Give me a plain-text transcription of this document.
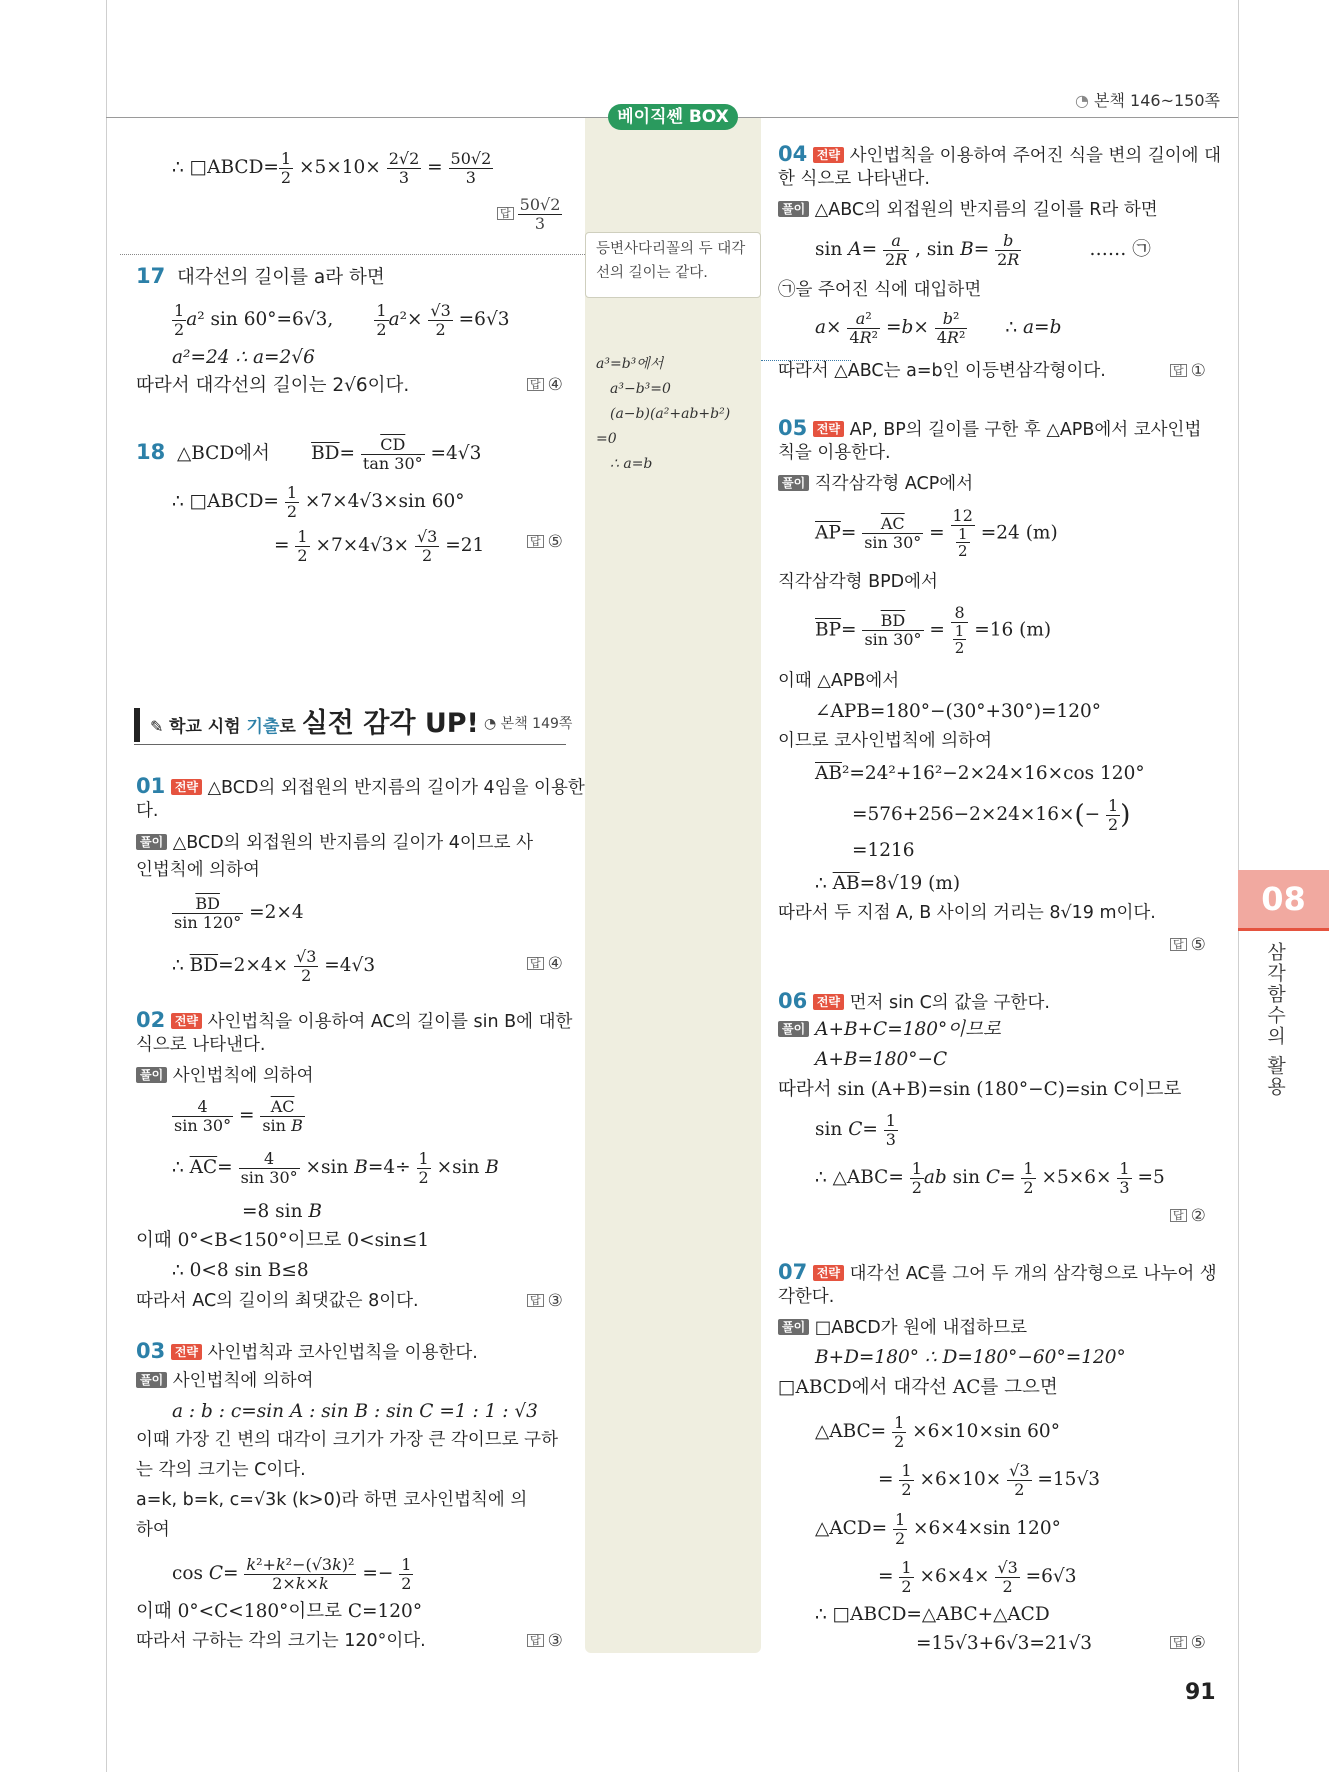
◔ 본책 146~150쪽
베이직쎈 BOX
등변사다리꼴의 두 대각선의 길이는 같다.
a³=b³에서
a³−b³=0
(a−b)(a²+ab+b²)
=0
∴ a=b
∴ □ABCD= $\frac{1}{2} \times 5\times 10\times \frac{2√2}{3} = \frac{50√2}{3}$
답 $\frac{50√2}{3}$
17 대각선의 길이를 a라 하면
$\frac{1}{2} a^2$ sin 60°=6√3, $\frac{1}{2} a^2\times \frac{√3}{2} =6√3$
a²=24 ∴ a=2√6
따라서 대각선의 길이는 2√6이다.	답 ④
18 △BCD에서 $\overline{BD}= \frac{\overline{CD}}{\tan 30^\circ} =4√3$
∴ □ABCD= $\frac{1}{2} \times 7\times 4√3\times\sin$ 60°
= $\frac{1}{2} \times 7\times 4√3\times \frac{√3}{2} =21$	답 ⑤
✎ 학교 시험 기출로 실전 감각 UP! ◔ 본책 149쪽
01 전략 △BCD의 외접원의 반지름의 길이가 4임을 이용한
다.
풀이 △BCD의 외접원의 반지름의 길이가 4이므로 사
인법칙에 의하여
$\frac{\overline{BD}}{\sin 120^\circ} =2\times 4$
∴ $\overline{BD}=2\times 4\times \frac{√3}{2} =4√3$	답 ④
02 전략 사인법칙을 이용하여 AC의 길이를 sin B에 대한
식으로 나타낸다.
풀이 사인법칙에 의하여
$\frac{4}{\sin 30^\circ} = \frac{\overline{AC}}{\text{sin B}}$
∴ $\overline{AC}= \frac{4}{\sin 30^\circ} \times\sin$ $B=4\div \frac{1}{2} \times\sin$ B
=8 sin B
이때 0°<B<150°이므로 0<sin≤1
∴ 0<8 sin B≤8
따라서 AC의 길이의 최댓값은 8이다.	답 ③
03 전략 사인법칙과 코사인법칙을 이용한다.
풀이 사인법칙에 의하여
a : b : c=sin A : sin B : sin C =1 : 1 : √3
이때 가장 긴 변의 대각이 크기가 가장 큰 각이므로 구하
는 각의 크기는 C이다.
a=k, b=k, c=√3k (k>0)라 하면 코사인법칙에 의
하여
$\cos C= \frac{\text{k²+k²−(√3k)²}}{2\times k\times k} =- \frac{1}{2}$
이때 0°<C<180°이므로 C=120°
따라서 구하는 각의 크기는 120°이다.	답 ③
04 전략 사인법칙을 이용하여 주어진 식을 변의 길이에 대
한 식으로 나타낸다.
풀이 △ABC의 외접원의 반지름의 길이를 R라 하면
$\sin A= \frac{a}{2R}$ , $\sin B= \frac{b}{2R}$	…… ㉠
㉠을 주어진 식에 대입하면
$a\times \frac{\text{a²}}{\text{4R²}} =b\times \frac{\text{b²}}{\text{4R²}}$ ∴ a=b
따라서 △ABC는 a=b인 이등변삼각형이다.	답 ①
05 전략 AP, BP의 길이를 구한 후 △APB에서 코사인법
칙을 이용한다.
풀이 직각삼각형 ACP에서
$\overline{AP}= \frac{\overline{AC}}{\sin 30^\circ} = \frac{12}{\frac{1}{2}} =24$ (m)
직각삼각형 BPD에서
$\overline{BP}= \frac{\overline{BD}}{\sin 30^\circ} = \frac{8}{\frac{1}{2}} =16$ (m)
이때 △APB에서
∠APB=180°−(30°+30°)=120°
이므로 코사인법칙에 의하여
$\overline{AB}^2=24^2+16^2-2\times 24\times 16\times\cos$ 120°
$=576+256-2\times 24\times 16\times(- \frac{1}{2}$ )
=1216
∴ $\overline{AB}=8√19$ (m)
따라서 두 지점 A, B 사이의 거리는 8√19 m이다.
답 ⑤
06 전략 먼저 sin C의 값을 구한다.
풀이 A+B+C=180°이므로
A+B=180°−C
따라서 sin (A+B)=sin (180°−C)=sin C이므로
$\sin C= \frac{1}{3}$
∴ △ABC= $\frac{1}{2}$ ab $\sin C= \frac{1}{2} \times 5\times 6\times \frac{1}{3} =5$
답 ②
07 전략 대각선 AC를 그어 두 개의 삼각형으로 나누어 생
각한다.
풀이 □ABCD가 원에 내접하므로
B+D=180° ∴ D=180°−60°=120°
□ABCD에서 대각선 AC를 그으면
△ABC= $\frac{1}{2} \times 6\times 10\times\sin$ 60°
= $\frac{1}{2} \times 6\times 10\times \frac{√3}{2} =15√3$
△ACD= $\frac{1}{2} \times 6\times 4\times\sin$ 120°
= $\frac{1}{2} \times 6\times 4\times \frac{√3}{2} =6√3$
∴ □ABCD=△ABC+△ACD
=15√3+6√3=21√3	답 ⑤
08
삼각함수의 활용
91
